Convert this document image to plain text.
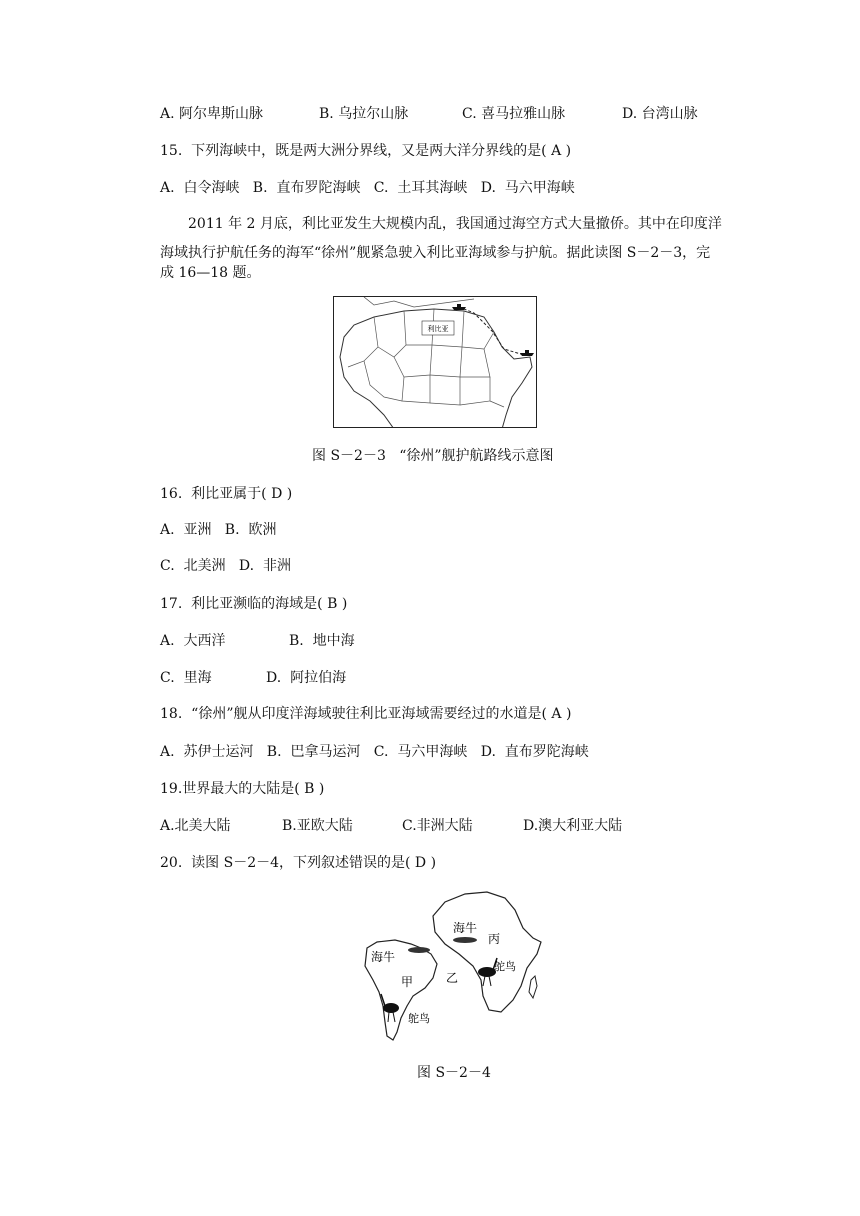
A. 阿尔卑斯山脉	B. 乌拉尔山脉	C. 喜马拉雅山脉	D. 台湾山脉
15.  下列海峡中，既是两大洲分界线，又是两大洋分界线的是( A )
A.  白令海峡   B.  直布罗陀海峡   C.  土耳其海峡   D.  马六甲海峡
2011 年 2 月底，利比亚发生大规模内乱，我国通过海空方式大量撤侨。其中在印度洋
海域执行护航任务的海军“徐州”舰紧急驶入利比亚海域参与护航。据此读图 S－2－3，完
成 16—18 题。
利比亚
图 S－2－3   “徐州”舰护航路线示意图
16.  利比亚属于( D )
A.  亚洲   B.  欧洲
C.  北美洲   D.  非洲
17.  利比亚濒临的海域是( B )
A.  大西洋	B.  地中海
C.  里海	D.  阿拉伯海
18.  “徐州”舰从印度洋海域驶往利比亚海域需要经过的水道是( A )
A.  苏伊士运河   B.  巴拿马运河   C.  马六甲海峡   D.  直布罗陀海峡
19.世界最大的大陆是( B )
A.北美大陆	B.亚欧大陆	C.非洲大陆	D.澳大利亚大陆
20.  读图 S－2－4，下列叙述错误的是( D )
海牛
丙
海牛
乙
甲
鸵鸟
鸵鸟
图 S－2－4
